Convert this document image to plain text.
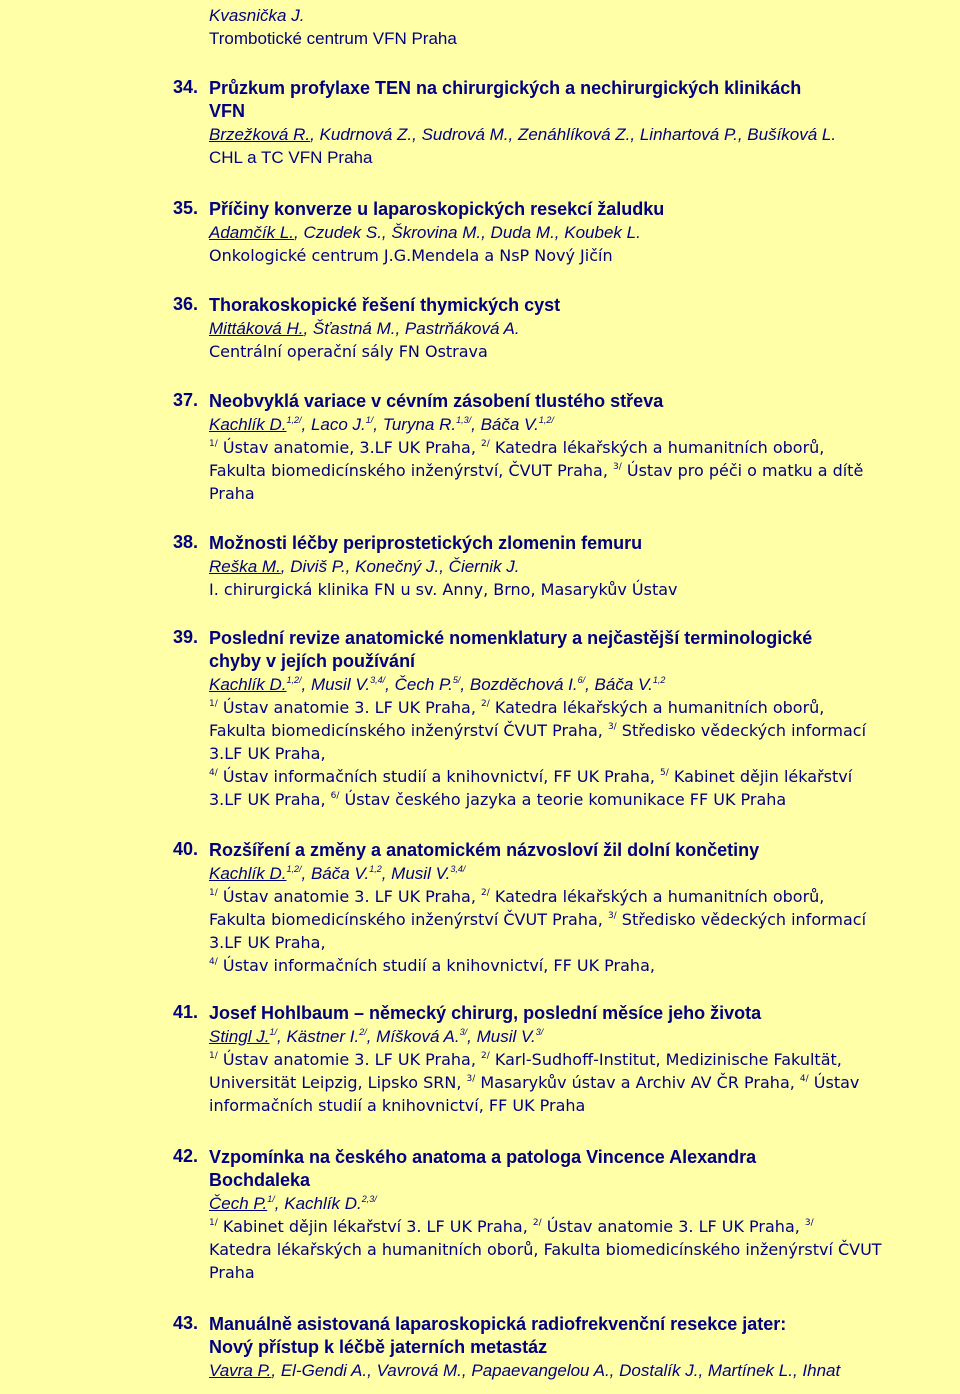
Kvasnička J.
Trombotické centrum VFN Praha
34. Průzkum profylaxe TEN na chirurgických a nechirurgických klinikách
VFN
Brzežková R., Kudrnová Z., Sudrová M., Zenáhlíková Z., Linhartová P., Bušíková L.
CHL a TC VFN Praha
35. Příčiny konverze u laparoskopických resekcí žaludku
Adamčík L., Czudek S., Škrovina M., Duda M., Koubek L.
Onkologické centrum J.G.Mendela a NsP Nový Jičín
36. Thorakoskopické řešení thymických cyst
Mittáková H., Šťastná M., Pastrňáková A.
Centrální operační sály FN Ostrava
37. Neobvyklá variace v cévním zásobení tlustého střeva
Kachlík D.$^{1,2/}$, Laco J.$^{1/}$, Turyna R.$^{1,3/}$, Báča V.$^{1,2/}$
$^{1/}$ Ústav anatomie, 3.LF UK Praha, $^{2/}$ Katedra lékařských a humanitních oborů,
Fakulta biomedicínského inženýrství, ČVUT Praha, $^{3/}$ Ústav pro péči o matku a dítě
Praha
38. Možnosti léčby periprostetických zlomenin femuru
Reška M., Diviš P., Konečný J., Čiernik J.
I. chirurgická klinika FN u sv. Anny, Brno, Masarykův Ústav
39. Poslední revize anatomické nomenklatury a nejčastější terminologické
chyby v jejích používání
Kachlík D.$^{1,2/}$, Musil V.$^{3,4/}$, Čech P.$^{5/}$, Bozděchová I.$^{6/}$, Báča V.$^{1,2}$
$^{1/}$ Ústav anatomie 3. LF UK Praha, $^{2/}$ Katedra lékařských a humanitních oborů,
Fakulta biomedicínského inženýrství ČVUT Praha, $^{3/}$ Středisko vědeckých informací
3.LF UK Praha,
$^{4/}$ Ústav informačních studií a knihovnictví, FF UK Praha, $^{5/}$ Kabinet dějin lékařství
3.LF UK Praha, $^{6/}$ Ústav českého jazyka a teorie komunikace FF UK Praha
40. Rozšíření a změny a anatomickém názvosloví žil dolní končetiny
Kachlík D.$^{1,2/}$, Báča V.$^{1,2}$, Musil V.$^{3,4/}$
$^{1/}$ Ústav anatomie 3. LF UK Praha, $^{2/}$ Katedra lékařských a humanitních oborů,
Fakulta biomedicínského inženýrství ČVUT Praha, $^{3/}$ Středisko vědeckých informací
3.LF UK Praha,
$^{4/}$ Ústav informačních studií a knihovnictví, FF UK Praha,
41. Josef Hohlbaum – německý chirurg, poslední měsíce jeho života
Stingl J.$^{1/}$, Kästner I.$^{2/}$, Míšková A.$^{3/}$, Musil V.$^{3/}$
$^{1/}$ Ústav anatomie 3. LF UK Praha, $^{2/}$ Karl-Sudhoff-Institut, Medizinische Fakultät,
Universität Leipzig, Lipsko SRN, $^{3/}$ Masarykův ústav a Archiv AV ČR Praha, $^{4/}$ Ústav
informačních studií a knihovnictví, FF UK Praha
42. Vzpomínka na českého anatoma a patologa Vincence Alexandra
Bochdaleka
Čech P.$^{1/}$, Kachlík D.$^{2,3/}$
$^{1/}$ Kabinet dějin lékařství 3. LF UK Praha, $^{2/}$ Ústav anatomie 3. LF UK Praha, $^{3/}$
Katedra lékařských a humanitních oborů, Fakulta biomedicínského inženýrství ČVUT
Praha
43. Manuálně asistovaná laparoskopická radiofrekvenční resekce jater:
Nový přístup k léčbě jaterních metastáz
Vavra P., El-Gendi A., Vavrová M., Papaevangelou A., Dostalík J., Martínek L., Ihnat
